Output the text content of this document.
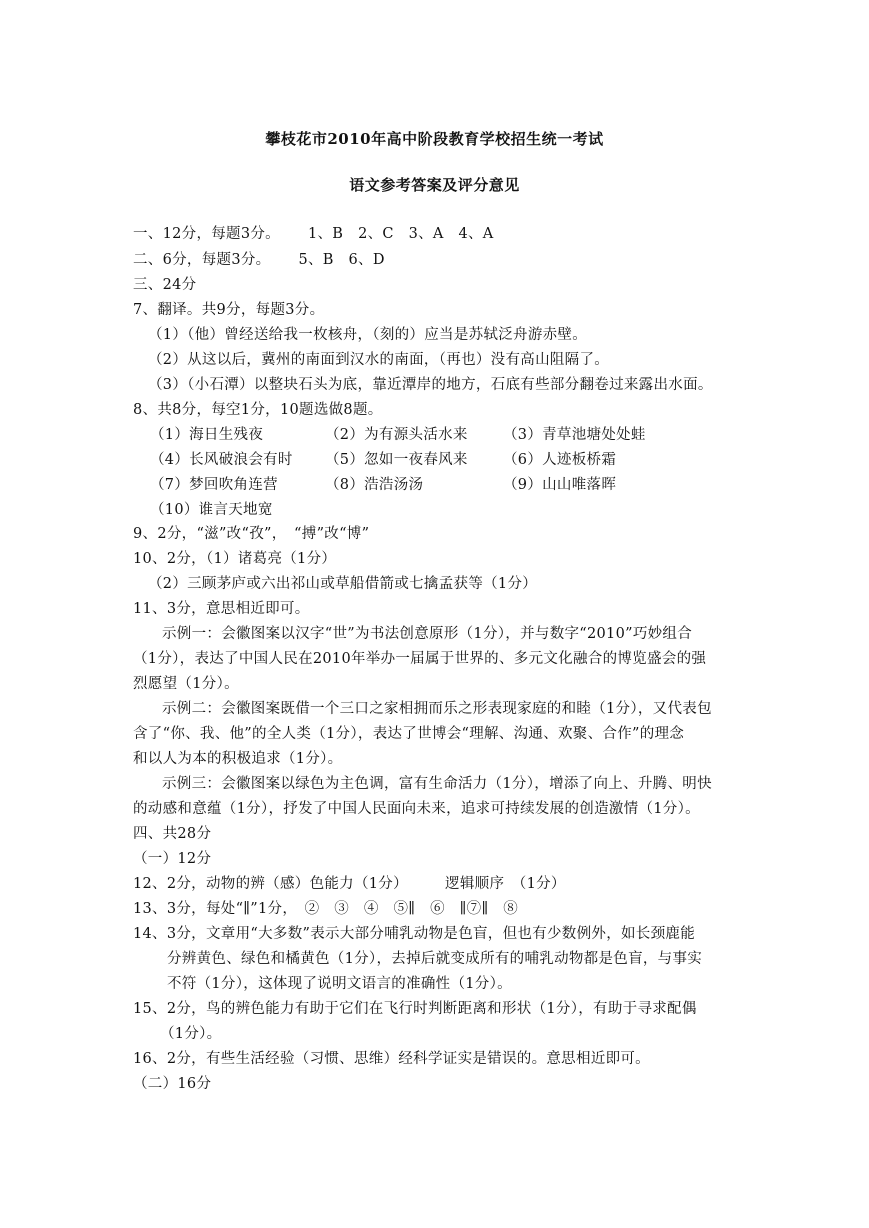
攀枝花市2010年高中阶段教育学校招生统一考试
语文参考答案及评分意见
一、12分，每题3分。 1、B　2、C　3、A　4、A
二、6分，每题3分。 5、B　6、D
三、24分
7、翻译。共9分，每题3分。
（1）（他）曾经送给我一枚核舟，（刻的）应当是苏轼泛舟游赤壁。
（2）从这以后，冀州的南面到汉水的南面，（再也）没有高山阻隔了。
（3）（小石潭）以整块石头为底，靠近潭岸的地方，石底有些部分翻卷过来露出水面。
8、共8分，每空1分，10题选做8题。
（1）海日生残夜	（2）为有源头活水来 （3）青草池塘处处蛙
（4）长风破浪会有时 （5）忽如一夜春风来 （6）人迹板桥霜
（7）梦回吹角连营	（8）浩浩汤汤	（9）山山唯落晖
（10）谁言天地宽
9、2分，“滋”改“孜”，　“搏”改“博”
10、2分，（1）诸葛亮（1分）
（2）三顾茅庐或六出祁山或草船借箭或七擒孟获等（1分）
11、3分，意思相近即可。
示例一：会徽图案以汉字“世”为书法创意原形（1分），并与数字“2010”巧妙组合
（1分），表达了中国人民在2010年举办一届属于世界的、多元文化融合的博览盛会的强
烈愿望（1分）。
示例二：会徽图案既借一个三口之家相拥而乐之形表现家庭的和睦（1分），又代表包
含了“你、我、他”的全人类（1分），表达了世博会“理解、沟通、欢聚、合作”的理念
和以人为本的积极追求（1分）。
示例三：会徽图案以绿色为主色调，富有生命活力（1分），增添了向上、升腾、明快
的动感和意蕴（1分），抒发了中国人民面向未来，追求可持续发展的创造激情（1分）。
四、共28分
（一）12分
12、2分，动物的辨（感）色能力（1分）　　　逻辑顺序　（1分）
13、3分，每处“∥”1分，　②　③　④　⑤∥　⑥　∥⑦∥　⑧
14、3分，文章用“大多数”表示大部分哺乳动物是色盲，但也有少数例外，如长颈鹿能
分辨黄色、绿色和橘黄色（1分），去掉后就变成所有的哺乳动物都是色盲，与事实
不符（1分），这体现了说明文语言的准确性（1分）。
15、2分，鸟的辨色能力有助于它们在飞行时判断距离和形状（1分），有助于寻求配偶
（1分）。
16、2分，有些生活经验（习惯、思维）经科学证实是错误的。意思相近即可。
（二）16分
